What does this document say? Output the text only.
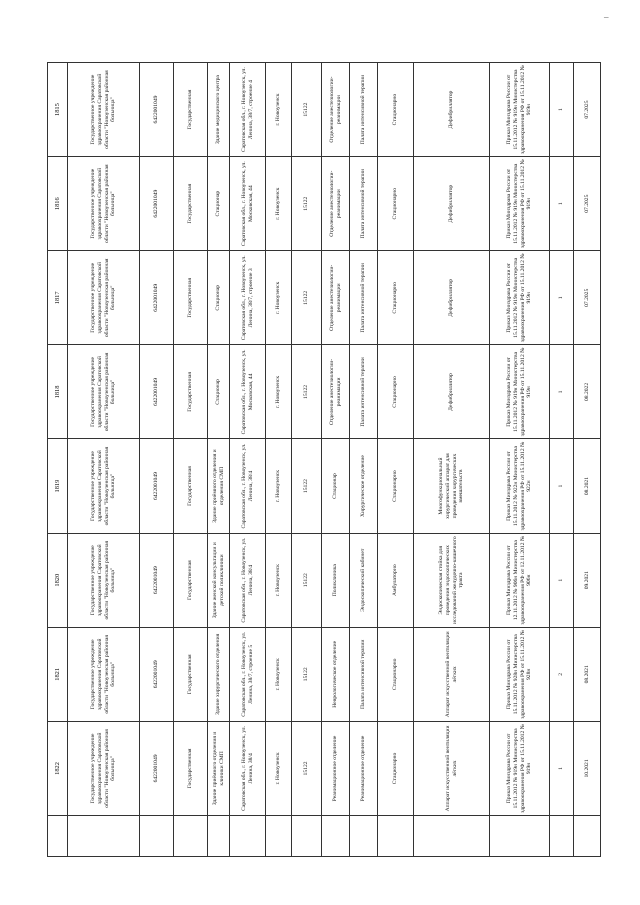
–
	1822	1821	1820	1819	1818	1817	1816	1815
	Государственное учреждение здравоохранения Саратовской области "Новоузенская районная больница"	Государственное учреждение здравоохранения Саратовской области "Новоузенская районная больница"	Государственное учреждение здравоохранения Саратовской области "Новоузенская районная больница"	Государственное учреждение здравоохранения Саратовской области "Новоузенская районная больница"	Государственное учреждение здравоохранения Саратовской области "Новоузенская районная больница"	Государственное учреждение здравоохранения Саратовской области "Новоузенская районная больница"	Государственное учреждение здравоохранения Саратовской области "Новоузенская районная больница"	Государственное учреждение здравоохранения Саратовской области "Новоузенская районная больница"
	6422001049	6422001049	6422001049	6422001049	6422001049	6422001049	6422001049	6422001049
	Государственная	Государственная	Государственная	Государственная	Государственная	Государственная	Государственная	Государственная
	Здание приёмного отделения и клиники СМП	Здание хирургического отделения	Здание женской консультации и детской поликлиники	Здание приёмного отделения и отделения СМП	Стационар	Стационар	Стационар	Здание медицинского центра
	Саратовская обл., г. Новоузенск, ул. Ленина, 38/4	Саратовская обл., г. Новоузенск, ул. Ленина, 38/7, строение 5	Саратовская обл., г. Новоузенск, ул. Ленина, 38/4	Саратовская обл., г. Новоузенск, ул. Ленина, 38/4	Саратовская обл., г. Новоузенск, ул. Московская, 44	Саратовская обл., г. Новоузенск, ул. Ленина, 38/7, строение 3	Саратовская обл., г. Новоузенск, ул. Московская, 44	Саратовская обл., г. Новоузенск, ул. Ленина, 38/7, строение 4
	г. Новоузенск	г. Новоузенск	г. Новоузенск	г. Новоузенск	г. Новоузенск	г. Новоузенск	г. Новоузенск	г. Новоузенск
	15122	15122	15122	15122	15122	15122	15122	15122
	Реанимационное отделение	Неврологическое отделение	Поликлиника	Стационар	Отделение анестезиологии-реанимации	Отделение анестезиологии-реанимации	Отделение анестезиологии-реанимации	Отделение анестезиологии-реанимации
	Реанимационное отделение	Палата интенсивной терапии	Эндоскопический кабинет	Хирургическое отделение	Палата интенсивной терапии	Палата интенсивной терапии	Палата интенсивной терапии	Палата интенсивной терапии
	Стационарно	Стационарно	Амбулаторно	Стационарно	Стационарно	Стационарно	Стационарно	Стационарно
	Аппарат искусственной вентиляции лёгких	Аппарат искусственной вентиляции лёгких	Эндоскопическая стойка для проведения эндоскопических исследований желудочно-кишечного тракта	Многофункциональный хирургический аппарат для проведения хирургических вмешательств	Дефибриллятор	Дефибриллятор	Дефибриллятор	Дефибриллятор
	Приказ Минздрава России от 15.11.2012 № 919н Министерства здравоохранения РФ от 15.11.2012 № 919н	Приказ Минздрава России от 15.11.2012 № 928н Министерства здравоохранения РФ от 15.11.2012 № 928н	Приказ Минздрава России от 12.11.2012 № 906н Министерства здравоохранения РФ от 12.11.2012 № 906н	Приказ Минздрава России от 15.11.2012 № 922н Министерства здравоохранения РФ от 15.11.2012 № 922н	Приказ Минздрава России от 15.11.2012 № 919н Министерства здравоохранения РФ от 15.11.2012 № 919н	Приказ Минздрава России от 15.11.2012 № 919н Министерства здравоохранения РФ от 15.11.2012 № 919н	Приказ Минздрава России от 15.11.2012 № 919н Министерства здравоохранения РФ от 15.11.2012 № 919н	Приказ Минздрава России от 15.11.2012 № 919н Министерства здравоохранения РФ от 15.11.2012 № 919н
	1	2	1	1	1	1	1	1
	10.2021	08.2021	09.2021	08.2021	08.2022	07.2025	07.2025	07.2025
